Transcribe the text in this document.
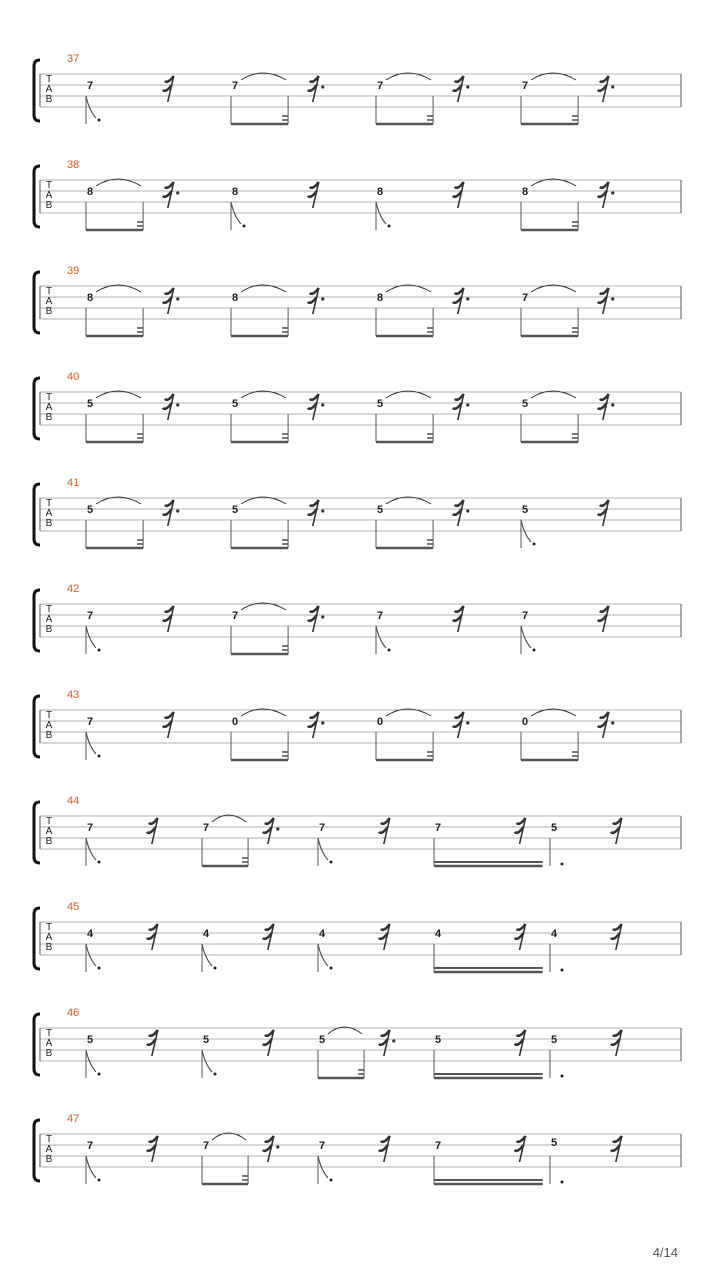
T
A
B
37
7	7	7	7
T
A
B
38
8	8	8	8
T
A
B
39
8	8	8	7
T
A
B
40
5	5	5	5
T
A
B
41
5	5	5	5
T
A
B
42
7	7	7	7
T
A
B
43
7	0	0	0
T
A
B
44
7	7	7	7	5
T
A
B
45
4	4	4	4	4
T
A
B
46
5	5	5	5	5
T
A
B
47
7	7	7	7	5
4/14
